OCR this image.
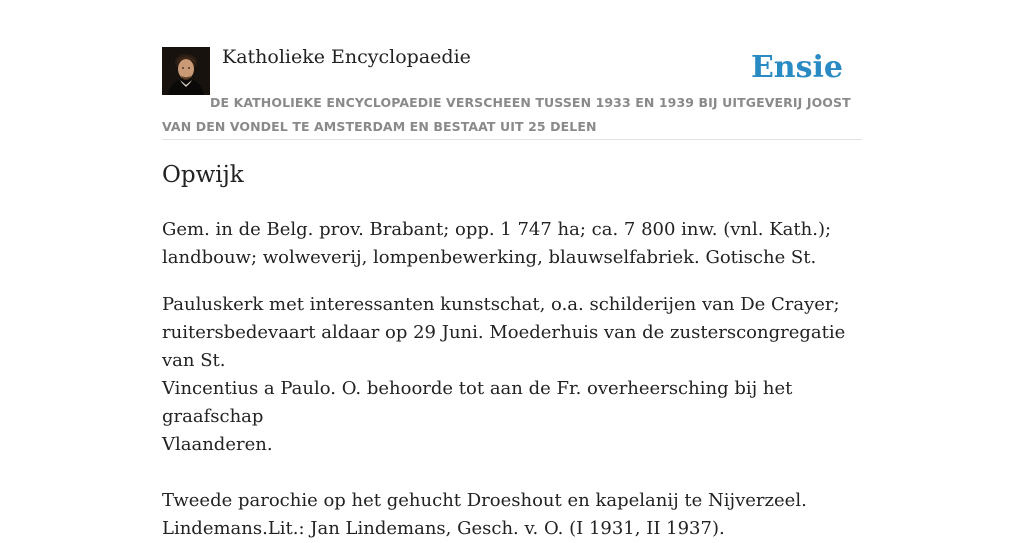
Katholieke Encyclopaedie	Ensie
DE KATHOLIEKE ENCYCLOPAEDIE VERSCHEEN TUSSEN 1933 EN 1939 BIJ UITGEVERIJ JOOST VAN DEN VONDEL TE AMSTERDAM EN BESTAAT UIT 25 DELEN
Opwijk

Gem. in de Belg. prov. Brabant; opp. 1 747 ha; ca. 7 800 inw. (vnl. Kath.);
landbouw; wolweverij, lompenbewerking, blauwselfabriek. Gotische St.

Pauluskerk met interessanten kunstschat, o.a. schilderijen van De Crayer;
ruitersbedevaart aldaar op 29 Juni. Moederhuis van de zusterscongregatie van St.
Vincentius a Paulo. O. behoorde tot aan de Fr. overheersching bij het graafschap
Vlaanderen.

Tweede parochie op het gehucht Droeshout en kapelanij te Nijverzeel.
Lindemans.Lit.: Jan Lindemans, Gesch. v. O. (I 1931, II 1937).
